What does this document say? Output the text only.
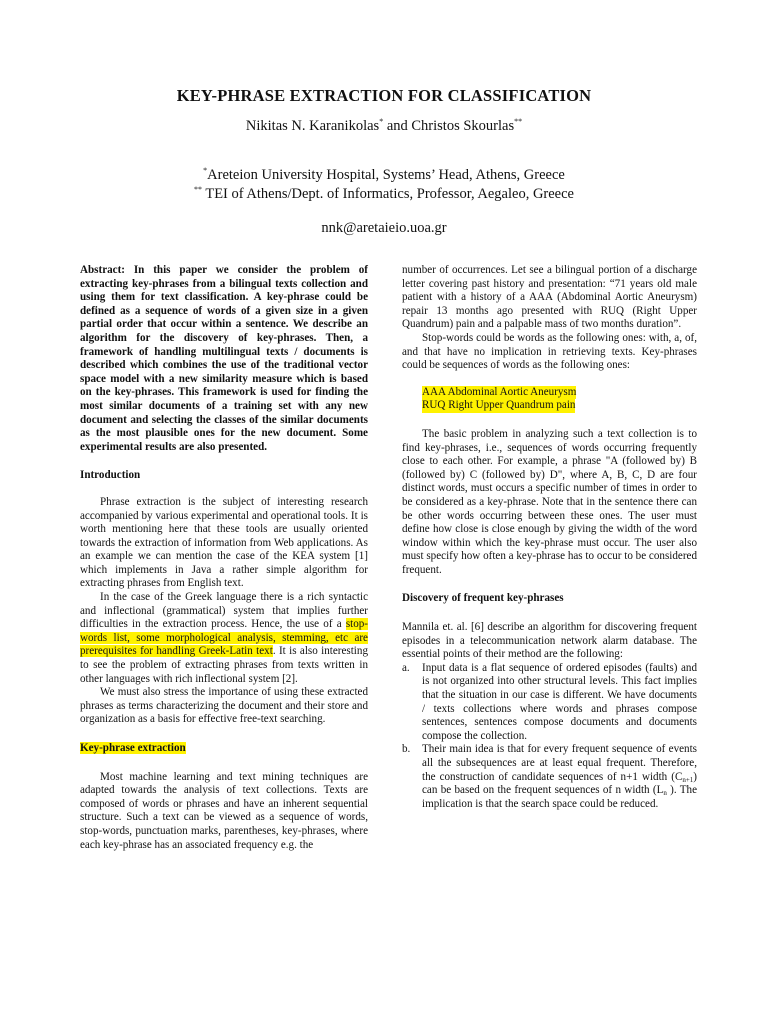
KEY-PHRASE EXTRACTION FOR CLASSIFICATION
Nikitas N. Karanikolas* and Christos Skourlas**
*Areteion University Hospital, Systems’ Head, Athens, Greece
** TEI of Athens/Dept. of Informatics, Professor, Aegaleo, Greece
nnk@aretaieio.uoa.gr

Abstract: In this paper we consider the problem of extracting key-phrases from a bilingual texts collection and using them for text classification. A key-phrase could be defined as a sequence of words of a given size in a given partial order that occur within a sentence. We describe an algorithm for the discovery of key-phrases. Then, a framework of handling multilingual texts / documents is described which combines the use of the traditional vector space model with a new similarity measure which is based on the key-phrases. This framework is used for finding the most similar documents of a training set with any new document and selecting the classes of the similar documents as the most plausible ones for the new document. Some experimental results are also presented.

Introduction

Phrase extraction is the subject of interesting research accompanied by various experimental and operational tools. It is worth mentioning here that these tools are usually oriented towards the extraction of information from Web applications. As an example we can mention the case of the KEA system [1] which implements in Java a rather simple algorithm for extracting phrases from English text.

In the case of the Greek language there is a rich syntactic and inflectional (grammatical) system that implies further difficulties in the extraction process. Hence, the use of a stop-words list, some morphological analysis, stemming, etc are prerequisites for handling Greek-Latin text. It is also interesting to see the problem of extracting phrases from texts written in other languages with rich inflectional system [2].

We must also stress the importance of using these extracted phrases as terms characterizing the document and their store and organization as a basis for effective free-text searching.

Key-phrase extraction

Most machine learning and text mining techniques are adapted towards the analysis of text collections. Texts are composed of words or phrases and have an inherent sequential structure. Such a text can be viewed as a sequence of words, stop-words, punctuation marks, parentheses, key-phrases, where each key-phrase has an associated frequency e.g. the

number of occurrences. Let see a bilingual portion of a discharge letter covering past history and presentation: “71 years old male patient with a history of a AAA (Abdominal Aortic Aneurysm) repair 13 months ago presented with RUQ (Right Upper Quandrum) pain and a palpable mass of two months duration”.

Stop-words could be words as the following ones: with, a, of, and that have no implication in retrieving texts. Key-phrases could be sequences of words as the following ones:

AAA Abdominal Aortic Aneurysm
RUQ Right Upper Quandrum pain

The basic problem in analyzing such a text collection is to find key-phrases, i.e., sequences of words occurring frequently close to each other. For example, a phrase "A (followed by) B (followed by) C (followed by) D", where A, B, C, D are four distinct words, must occurs a specific number of times in order to be considered as a key-phrase. Note that in the sentence there can be other words occurring between these ones. The user must define how close is close enough by giving the width of the word window within which the key-phrase must occur. The user also must specify how often a key-phrase has to occur to be considered frequent.

Discovery of frequent key-phrases

Mannila et. al. [6] describe an algorithm for discovering frequent episodes in a telecommunication network alarm database. The essential points of their method are the following:

a. Input data is a flat sequence of ordered episodes (faults) and is not organized into other structural levels. This fact implies that the situation in our case is different. We have documents / texts collections where words and phrases compose sentences, sentences compose documents and documents compose the collection.
b. Their main idea is that for every frequent sequence of events all the subsequences are at least equal frequent. Therefore, the construction of candidate sequences of n+1 width $(C_{n+1})$ can be based on the frequent sequences of n width ($L_n$ ). The implication is that the search space could be reduced.
